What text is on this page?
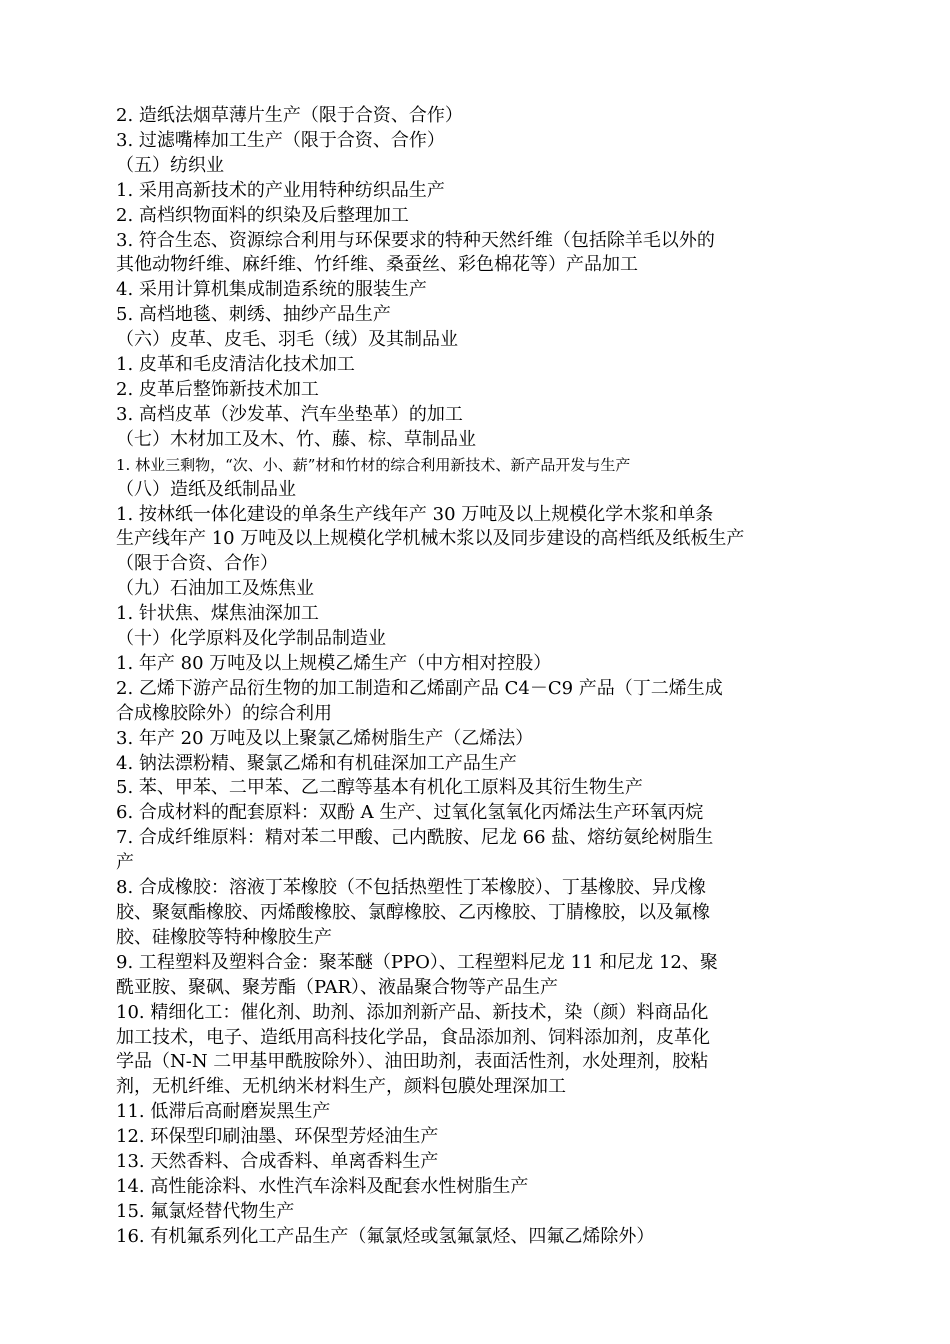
2. 造纸法烟草薄片生产（限于合资、合作）
3. 过滤嘴棒加工生产（限于合资、合作）
（五）纺织业
1. 采用高新技术的产业用特种纺织品生产
2. 高档织物面料的织染及后整理加工
3. 符合生态、资源综合利用与环保要求的特种天然纤维（包括除羊毛以外的
其他动物纤维、麻纤维、竹纤维、桑蚕丝、彩色棉花等）产品加工
4. 采用计算机集成制造系统的服装生产
5. 高档地毯、刺绣、抽纱产品生产
（六）皮革、皮毛、羽毛（绒）及其制品业
1. 皮革和毛皮清洁化技术加工
2. 皮革后整饰新技术加工
3. 高档皮革（沙发革、汽车坐垫革）的加工
（七）木材加工及木、竹、藤、棕、草制品业
1. 林业三剩物，“次、小、薪”材和竹材的综合利用新技术、新产品开发与生产
（八）造纸及纸制品业
1. 按林纸一体化建设的单条生产线年产 30 万吨及以上规模化学木浆和单条
生产线年产 10 万吨及以上规模化学机械木浆以及同步建设的高档纸及纸板生产
（限于合资、合作）
（九）石油加工及炼焦业
1. 针状焦、煤焦油深加工
（十）化学原料及化学制品制造业
1. 年产 80 万吨及以上规模乙烯生产（中方相对控股）
2. 乙烯下游产品衍生物的加工制造和乙烯副产品 C4－C9 产品（丁二烯生成
合成橡胶除外）的综合利用
3. 年产 20 万吨及以上聚氯乙烯树脂生产（乙烯法）
4. 钠法漂粉精、聚氯乙烯和有机硅深加工产品生产
5. 苯、甲苯、二甲苯、乙二醇等基本有机化工原料及其衍生物生产
6. 合成材料的配套原料：双酚 A 生产、过氧化氢氧化丙烯法生产环氧丙烷
7. 合成纤维原料：精对苯二甲酸、己内酰胺、尼龙 66 盐、熔纺氨纶树脂生
产
8. 合成橡胶：溶液丁苯橡胶（不包括热塑性丁苯橡胶）、丁基橡胶、异戊橡
胶、聚氨酯橡胶、丙烯酸橡胶、氯醇橡胶、乙丙橡胶、丁腈橡胶，以及氟橡
胶、硅橡胶等特种橡胶生产
9. 工程塑料及塑料合金：聚苯醚（PPO）、工程塑料尼龙 11 和尼龙 12、聚
酰亚胺、聚砜、聚芳酯（PAR）、液晶聚合物等产品生产
10. 精细化工：催化剂、助剂、添加剂新产品、新技术，染（颜）料商品化
加工技术，电子、造纸用高科技化学品，食品添加剂、饲料添加剂，皮革化
学品（N-N 二甲基甲酰胺除外）、油田助剂，表面活性剂，水处理剂，胶粘
剂，无机纤维、无机纳米材料生产，颜料包膜处理深加工
11. 低滞后高耐磨炭黑生产
12. 环保型印刷油墨、环保型芳烃油生产
13. 天然香料、合成香料、单离香料生产
14. 高性能涂料、水性汽车涂料及配套水性树脂生产
15. 氟氯烃替代物生产
16. 有机氟系列化工产品生产（氟氯烃或氢氟氯烃、四氟乙烯除外）
